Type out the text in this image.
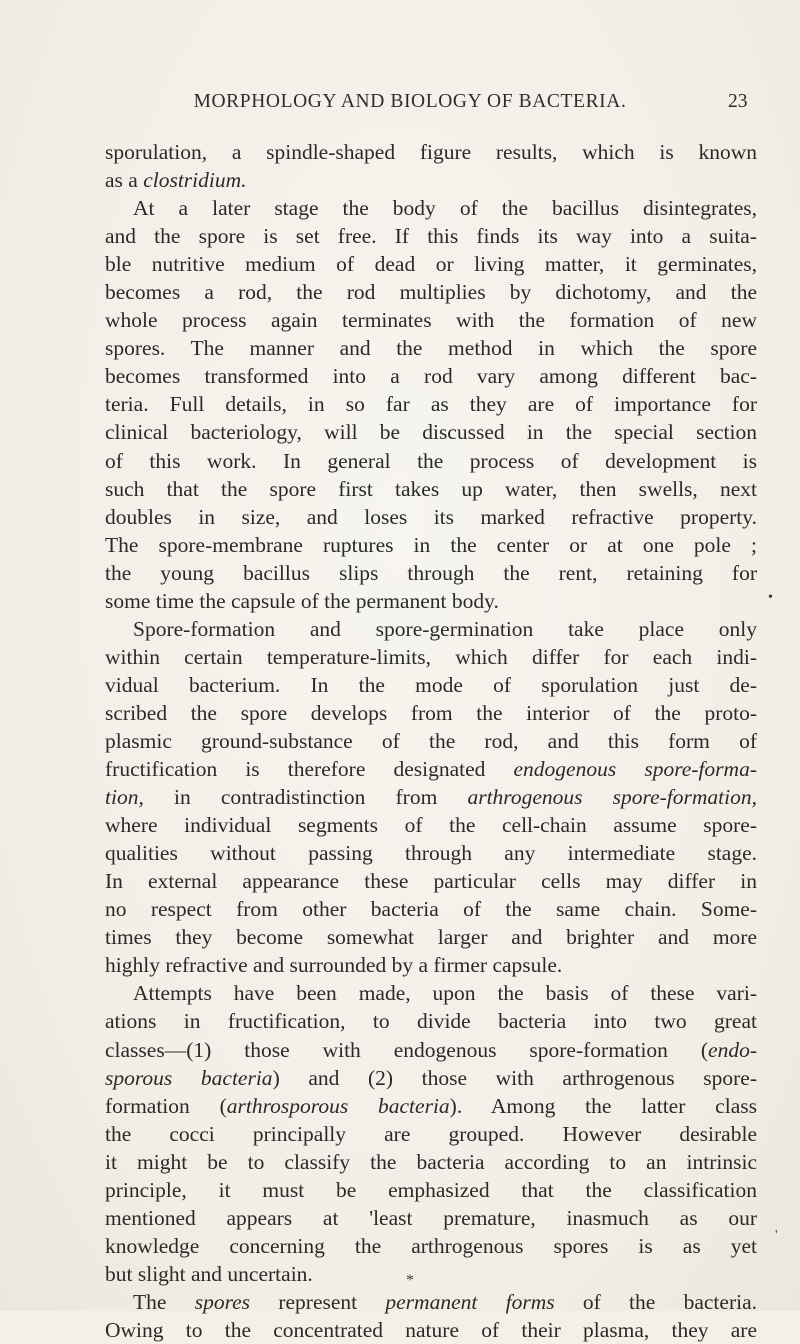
MORPHOLOGY AND BIOLOGY OF BACTERIA.	23
sporulation, a spindle-shaped figure results, which is known
as a clostridium.
At a later stage the body of the bacillus disintegrates,
and the spore is set free. If this finds its way into a suita-
ble nutritive medium of dead or living matter, it germinates,
becomes a rod, the rod multiplies by dichotomy, and the
whole process again terminates with the formation of new
spores. The manner and the method in which the spore
becomes transformed into a rod vary among different bac-
teria. Full details, in so far as they are of importance for
clinical bacteriology, will be discussed in the special section
of this work. In general the process of development is
such that the spore first takes up water, then swells, next
doubles in size, and loses its marked refractive property.
The spore-membrane ruptures in the center or at one pole ;
the young bacillus slips through the rent, retaining for
some time the capsule of the permanent body.
Spore-formation and spore-germination take place only
within certain temperature-limits, which differ for each indi-
vidual bacterium. In the mode of sporulation just de-
scribed the spore develops from the interior of the proto-
plasmic ground-substance of the rod, and this form of
fructification is therefore designated endogenous spore-forma-
tion, in contradistinction from arthrogenous spore-formation,
where individual segments of the cell-chain assume spore-
qualities without passing through any intermediate stage.
In external appearance these particular cells may differ in
no respect from other bacteria of the same chain. Some-
times they become somewhat larger and brighter and more
highly refractive and surrounded by a firmer capsule.
Attempts have been made, upon the basis of these vari-
ations in fructification, to divide bacteria into two great
classes—(1) those with endogenous spore-formation (endo-
sporous bacteria) and (2) those with arthrogenous spore-
formation (arthrosporous bacteria). Among the latter class
the cocci principally are grouped. However desirable
it might be to classify the bacteria according to an intrinsic
principle, it must be emphasized that the classification
mentioned appears at 'least premature, inasmuch as our
knowledge concerning the arthrogenous spores is as yet
but slight and uncertain.
The spores represent permanent forms of the bacteria.
Owing to the concentrated nature of their plasma, they are
•
'
*
